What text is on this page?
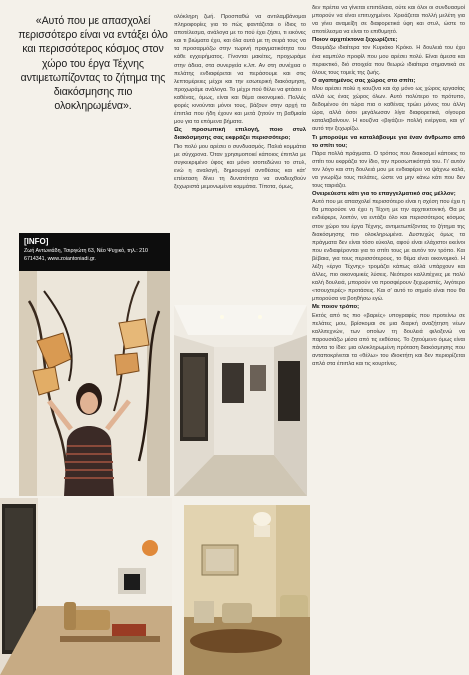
«Αυτό που με απασχολεί περισσότερο είναι να εντάξει όλο και περισσότερος κόσμος στον χώρο του έργα Τέχνης αντιμετωπίζοντας το ζήτημα της διακόσμησης πιο ολοκληρωμένα».

ολόκληρη ζωή. Προσπαθώ να αντιλαμβάνομαι πληροφορίες για το πώς φαντάζεται ο ίδιος το αποτέλεσμα, ανάλογα με το πού έχει ζήσει, τι εικόνες και τι βιώματα έχει, και όλα αυτά με τη σειρά τους να τα προσαρμόζω στην τωρινή πραγματικότητα του κάθε εγχειρήματος. Γίνονται μακέτες, προχωράμε στην άδεια, στα συνεργεία κ.λπ. Αν στη συνέχεια ο πελάτης ενδιαφέρεται να περάσουμε και στις λεπτομέρειες μέχρι και την εσωτερική διακόσμηση, προχωράμε ανάλογα. Το μέχρι πού θέλει να φτάσει ο καθένας, όμως, είναι και θέμα οικονομικό. Πολλές φορές κινούνται μόνοι τους, βάζουν στην αρχή τα έπιπλα που ήδη έχουν και μετά ζητούν τη βαθμιαία μου για τα επόμενα βήματα.

Ως προσωπική επιλογή, ποιο στυλ διακόσμησης σας εκφράζει περισσότερο;

Πιο πολύ μου αρέσει ο συνδυασμός. Παλιά κομμάτια με σύγχρονα. Όταν χρησιμοποιεί κάποιος έπιπλα με συγκεκριμένο ύφος και μόνο ισοπεδώνει το στυλ, ενώ η αναλογή, δημιουργεί αντιθέσεις και κάτ' επέκταση δίνει τη δυνατότητα να αναδειχθούν ξεχωριστά μεμονωμένα κομμάτια. Τίποτα, όμως,

δεν πρέπει να γίνεται επιπόλαια, ούτε και όλοι οι συνδυασμοί μπορούν να είναι επιτυχημένοι. Χρειάζεται πολλή μελέτη για να γίνει αναμείξη σε διαφορετικά ύφη και στυλ, ώστε το αποτέλεσμα να είναι το επιθυμητό.

Ποιον αρχιτέκτονα ξεχωρίζετε;

Θαυμάζω ιδιαίτερα τον Κυριάκο Κρόκο. Η δουλειά του έχει ένα καμπύλο προφίλ που μου αρέσει πολύ. Είναι άμεσα και περιεκτικό, διό στοιχεία που θεωρώ ιδιαίτερα σημαντικά σε όλους τους τομείς της ζωής.

Ο αγαπημένος σας χώρος στο σπίτι;

Μου αρέσει πολύ η κουζίνα και όχι μόνο ως χώρος εργασίας αλλά ως ένας χώρος όλων. Αυτό πολύτερο το πρότυπο, δεδομένου ότι τώρα πια ο καθένας τρώει μόνος του άλλη ώρα, αλλά όσοι μεγάλωσαν λίγα διαφορετικά, οίγουρα καταλαβαίνουν. Η κουζίνα «βιγάζει» πολλή ενέργεια, και γι' αυτό την ξεχωρίζω.

Τι μπορούμε να καταλάβουμε για έναν άνθρωπο από το σπίτι του;

Πάρα πολλά πράγματα. Ο τρόπος που διακοσμεί κάποιος το σπίτι του εκφράζει τον ίδιο, την προσωπικότητά του. Γι' αυτόν τον λόγο και στη δουλειά μου με ενδιαφέρει να ψάχνω καλά, να γνωρίζω τους πελάτες, ώστε να μην κάνω κάτι που δεν τους ταιριάζει.

Ονειρεύεστε κάτι για το επαγγελματικό σας μέλλον;

Αυτό που με απασχολεί περισσότερο είναι η σχέση που έχει η θα μπορούσε να έχει η Τέχνη με την αρχιτεκτονική. Θα με ενδιέφερε, λοιπόν, να εντάξει όλο και περισσότερος κόσμος στον χώρο του έργα Τέχνης, αντιμετωπίζοντας το ζήτημα της διακόσμησης πιο ολοκληρωμένα. Δυστυχώς όμως τα πράγματα δεν είναι τόσο εύκολα, αφού είναι ελάχιστοι εκείνοι που ενδιαφέρονται για το σπίτι τους με αυτόν τον τρόπο. Και βέβαια, για τους περισσότερους, το θέμα είναι οικονομικό. Η λέξη «έργο Τέχνης» τρομάζει κάπως αλλά υπάρχουν και άλλες, πιο οικονομικές λύσεις. Νεότεροι καλλιτέχνες με πολύ καλή δουλειά, μπορούν να προσφέρουν ξεχωριστές, λιγότερο «τσουχτερές» προτάσεις. Και σ' αυτό το σημείο είναι που θα μπορούσα να βοηθήσω εγώ.

Με ποιον τρόπο;

Εκτός από τις πιο «βαριές» υπογραφές που προτείνω σε πελάτες μου, βρίσκομαι σε μια διαρκή αναζήτηση νέων καλλιτεχνών, των οποίων τη δουλειά φιλοξενώ να παρουσιάζω μέσα από τις εκθέσεις. Το ζητούμενο όμως είναι πάντα το ίδιο: μια ολοκληρωμένη πρόταση διακόσμησης που ανταποκρίνεται τα «θέλω» του ιδιοκτήτη και δεν περιορίζεται απλά στα έπιπλα και τις κουρτίνες.

[INFO]
Ζωή Αντωνιάδη, Τσιριγώτη 63, Νέο Ψυχικό, τηλ.: 210 6714341, www.zoiantoniadi.gr.
